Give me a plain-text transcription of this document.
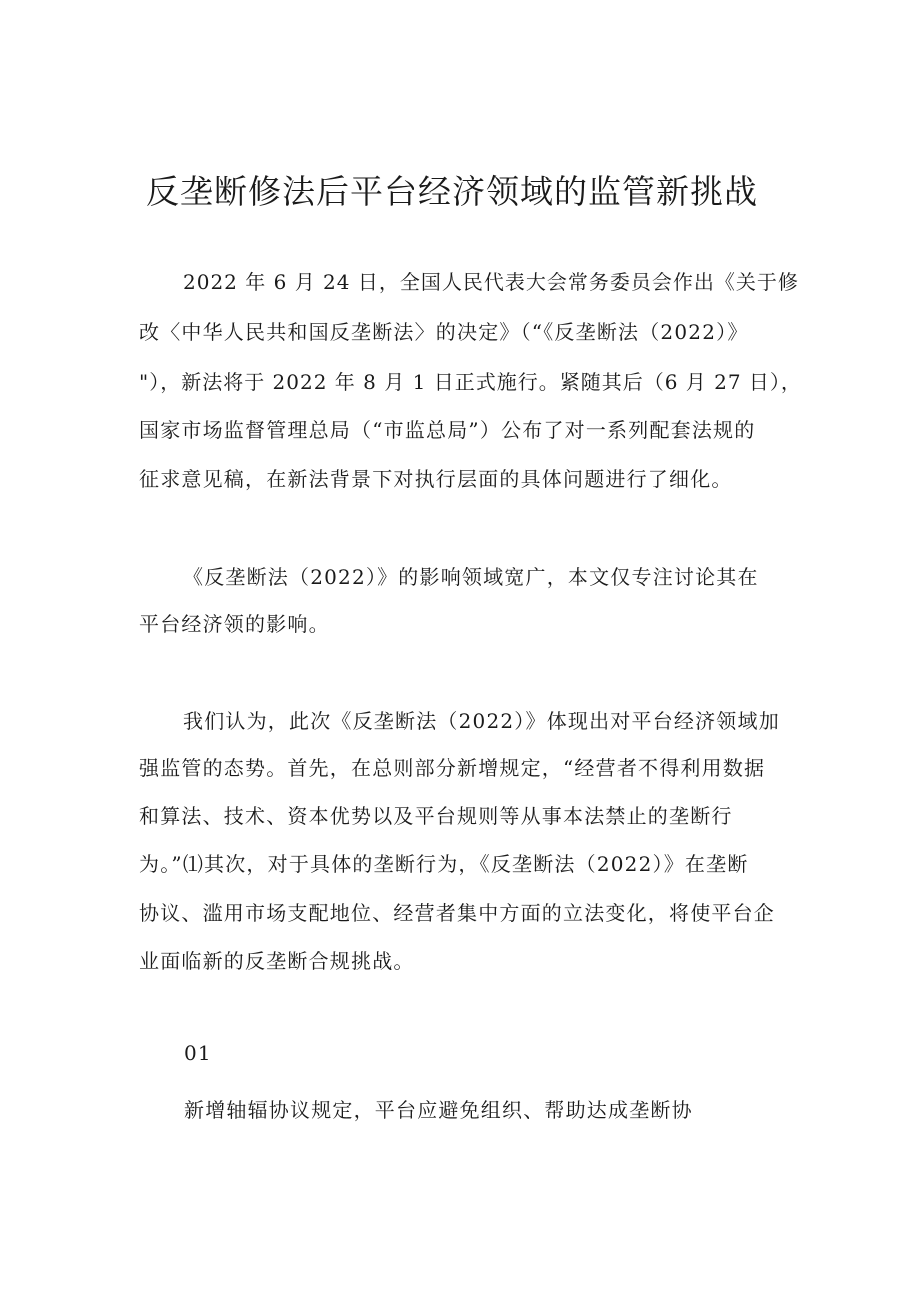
反垄断修法后平台经济领域的监管新挑战

2022 年 6 月 24 日，全国人民代表大会常务委员会作出《关于修

改〈中华人民共和国反垄断法〉的决定》（“《反垄断法（2022）》

"），新法将于 2022 年 8 月 1 日正式施行。紧随其后（6 月 27 日），

国家市场监督管理总局（“市监总局”）公布了对一系列配套法规的

征求意见稿，在新法背景下对执行层面的具体问题进行了细化。

《反垄断法（2022）》的影响领域宽广，本文仅专注讨论其在

平台经济领的影响。

我们认为，此次《反垄断法（2022）》体现出对平台经济领域加

强监管的态势。首先，在总则部分新增规定，“经营者不得利用数据

和算法、技术、资本优势以及平台规则等从事本法禁止的垄断行

为。”⑴其次，对于具体的垄断行为，《反垄断法（2022）》在垄断

协议、滥用市场支配地位、经营者集中方面的立法变化，将使平台企

业面临新的反垄断合规挑战。

01

新增轴辐协议规定，平台应避免组织、帮助达成垄断协
